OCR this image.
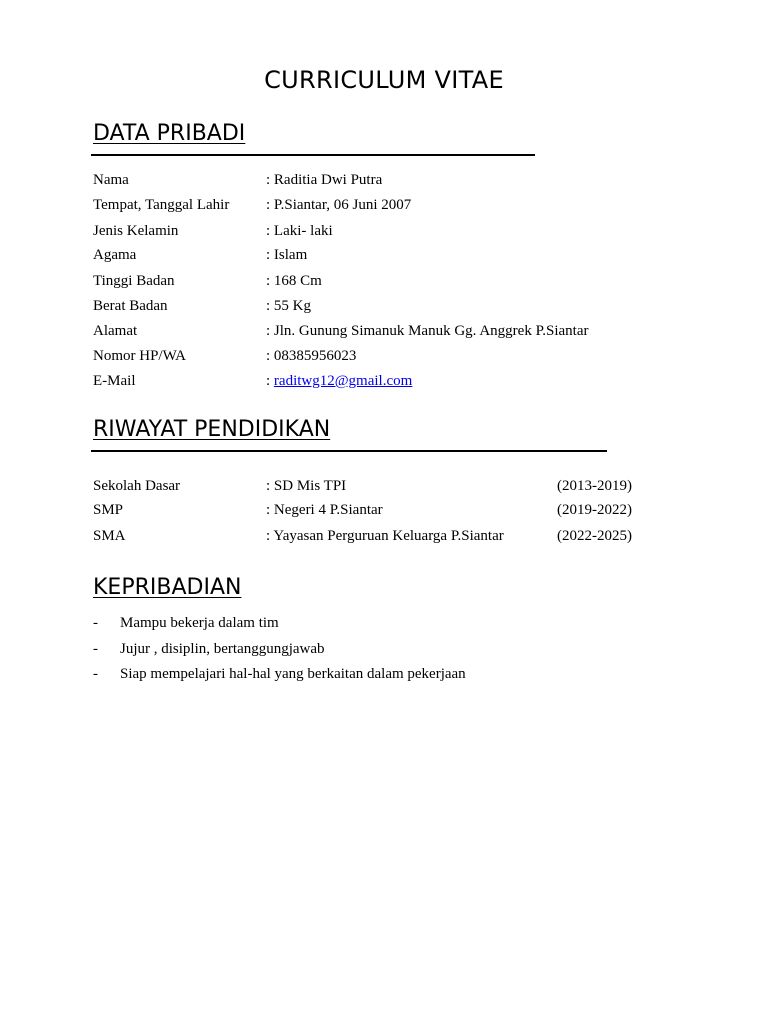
CURRICULUM VITAE
DATA PRIBADI
Nama	: Raditia Dwi Putra
Tempat, Tanggal Lahir : P.Siantar, 06 Juni 2007
Jenis Kelamin	: Laki- laki
Agama	: Islam
Tinggi Badan	: 168 Cm
Berat Badan	: 55 Kg
Alamat	: Jln. Gunung Simanuk Manuk Gg. Anggrek P.Siantar
Nomor HP/WA	: 08385956023
E-Mail	: raditwg12@gmail.com
RIWAYAT PENDIDIKAN
Sekolah Dasar	: SD Mis TPI	(2013-2019)
SMP	: Negeri 4 P.Siantar	(2019-2022)
SMA	: Yayasan Perguruan Keluarga P.Siantar	(2022-2025)
KEPRIBADIAN
- Mampu bekerja dalam tim
- Jujur , disiplin, bertanggungjawab
- Siap mempelajari hal-hal yang berkaitan dalam pekerjaan
